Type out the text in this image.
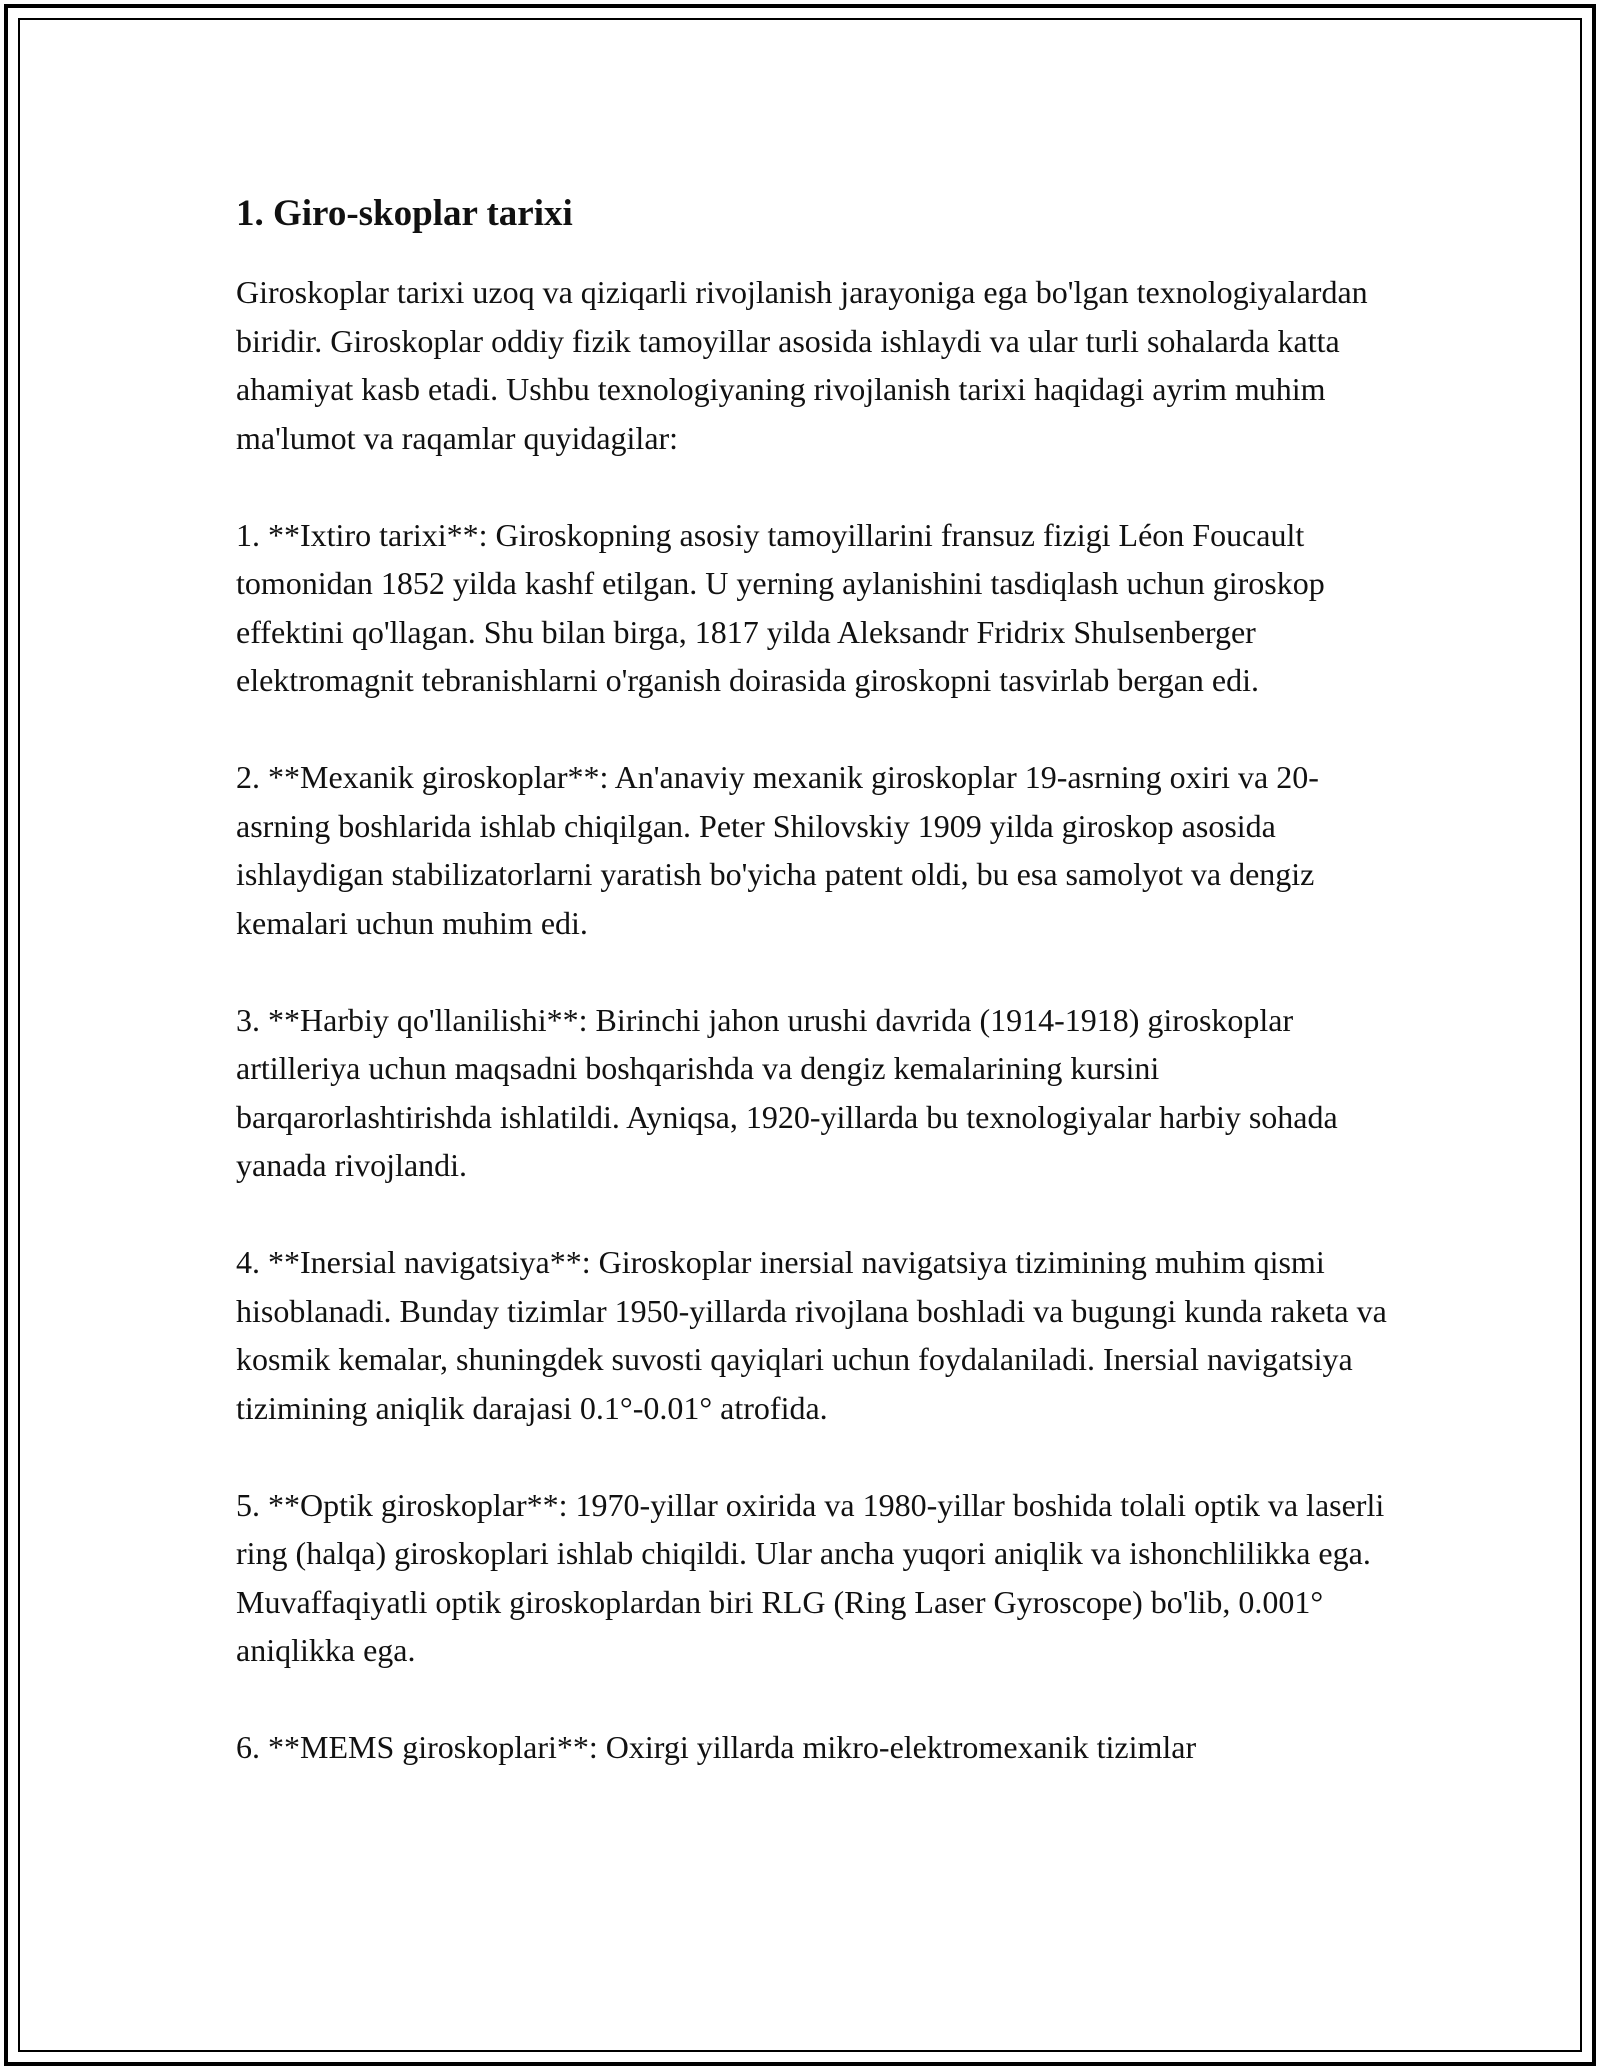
1. Giro-skoplar tarixi

Giroskoplar tarixi uzoq va qiziqarli rivojlanish jarayoniga ega bo'lgan texnologiyalardan biridir. Giroskoplar oddiy fizik tamoyillar asosida ishlaydi va ular turli sohalarda katta ahamiyat kasb etadi. Ushbu texnologiyaning rivojlanish tarixi haqidagi ayrim muhim ma'lumot va raqamlar quyidagilar:

1. **Ixtiro tarixi**: Giroskopning asosiy tamoyillarini fransuz fizigi Léon Foucault tomonidan 1852 yilda kashf etilgan. U yerning aylanishini tasdiqlash uchun giroskop effektini qo'llagan. Shu bilan birga, 1817 yilda Aleksandr Fridrix Shulsenberger elektromagnit tebranishlarni o'rganish doirasida giroskopni tasvirlab bergan edi.

2. **Mexanik giroskoplar**: An'anaviy mexanik giroskoplar 19-asrning oxiri va 20-asrning boshlarida ishlab chiqilgan. Peter Shilovskiy 1909 yilda giroskop asosida ishlaydigan stabilizatorlarni yaratish bo'yicha patent oldi, bu esa samolyot va dengiz kemalari uchun muhim edi.

3. **Harbiy qo'llanilishi**: Birinchi jahon urushi davrida (1914-1918) giroskoplar artilleriya uchun maqsadni boshqarishda va dengiz kemalarining kursini barqarorlashtirishda ishlatildi. Ayniqsa, 1920-yillarda bu texnologiyalar harbiy sohada yanada rivojlandi.

4. **Inersial navigatsiya**: Giroskoplar inersial navigatsiya tizimining muhim qismi hisoblanadi. Bunday tizimlar 1950-yillarda rivojlana boshladi va bugungi kunda raketa va kosmik kemalar, shuningdek suvosti qayiqlari uchun foydalaniladi. Inersial navigatsiya tizimining aniqlik darajasi 0.1°-0.01° atrofida.

5. **Optik giroskoplar**: 1970-yillar oxirida va 1980-yillar boshida tolali optik va laserli ring (halqa) giroskoplari ishlab chiqildi. Ular ancha yuqori aniqlik va ishonchlilikka ega. Muvaffaqiyatli optik giroskoplardan biri RLG (Ring Laser Gyroscope) bo'lib, 0.001° aniqlikka ega.

6. **MEMS giroskoplari**: Oxirgi yillarda mikro-elektromexanik tizimlar
